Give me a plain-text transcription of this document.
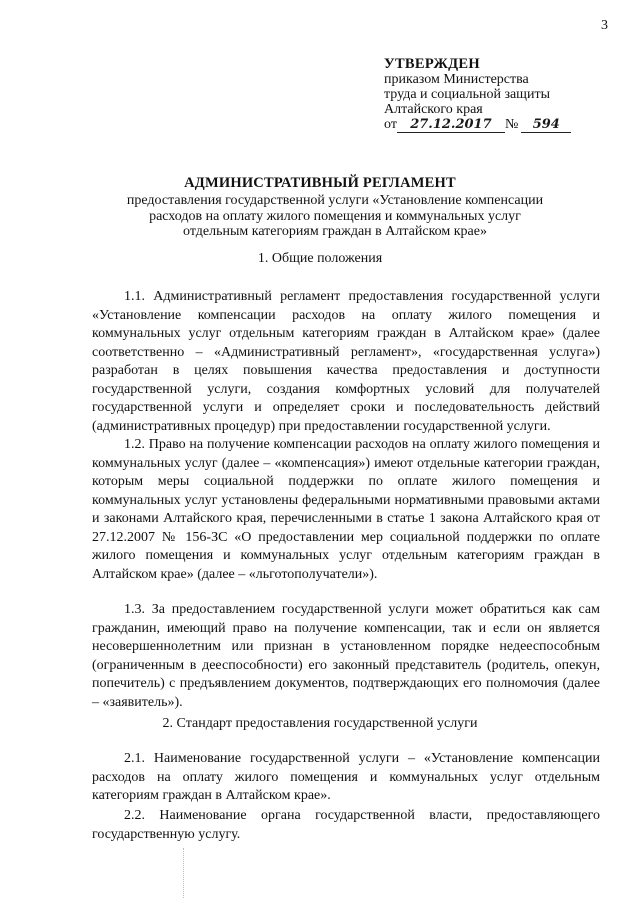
3
УТВЕРЖДЕН
приказом Министерства
труда и социальной защиты
Алтайского края
от	27.12.2017 №	594
АДМИНИСТРАТИВНЫЙ РЕГЛАМЕНТ
предоставления государственной услуги «Установление компенсации расходов на оплату жилого помещения и коммунальных услуг отдельным категориям граждан в Алтайском крае»
1. Общие положения

1.1. Административный регламент предоставления государственной услуги «Установление компенсации расходов на оплату жилого помещения и коммунальных услуг отдельным категориям граждан в Алтайском крае» (далее соответственно – «Административный регламент», «государственная услуга») разработан в целях повышения качества предоставления и доступности государственной услуги, создания комфортных условий для получателей государственной услуги и определяет сроки и последовательность действий (административных процедур) при предоставлении государственной услуги.

1.2. Право на получение компенсации расходов на оплату жилого помещения и коммунальных услуг (далее – «компенсация») имеют отдельные категории граждан, которым меры социальной поддержки по оплате жилого помещения и коммунальных услуг установлены федеральными нормативными правовыми актами и законами Алтайского края, перечисленными в статье 1 закона Алтайского края от 27.12.2007 № 156-ЗС «О предоставлении мер социальной поддержки по оплате жилого помещения и коммунальных услуг отдельным категориям граждан в Алтайском крае» (далее – «льготополучатели»).

1.3. За предоставлением государственной услуги может обратиться как сам гражданин, имеющий право на получение компенсации, так и если он является несовершеннолетним или признан в установленном порядке недееспособным (ограниченным в дееспособности) его законный представитель (родитель, опекун, попечитель) с предъявлением документов, подтверждающих его полномочия (далее – «заявитель»).

2. Стандарт предоставления государственной услуги

2.1. Наименование государственной услуги – «Установление компенсации расходов на оплату жилого помещения и коммунальных услуг отдельным категориям граждан в Алтайском крае».

2.2. Наименование органа государственной власти, предоставляющего государственную услугу.
